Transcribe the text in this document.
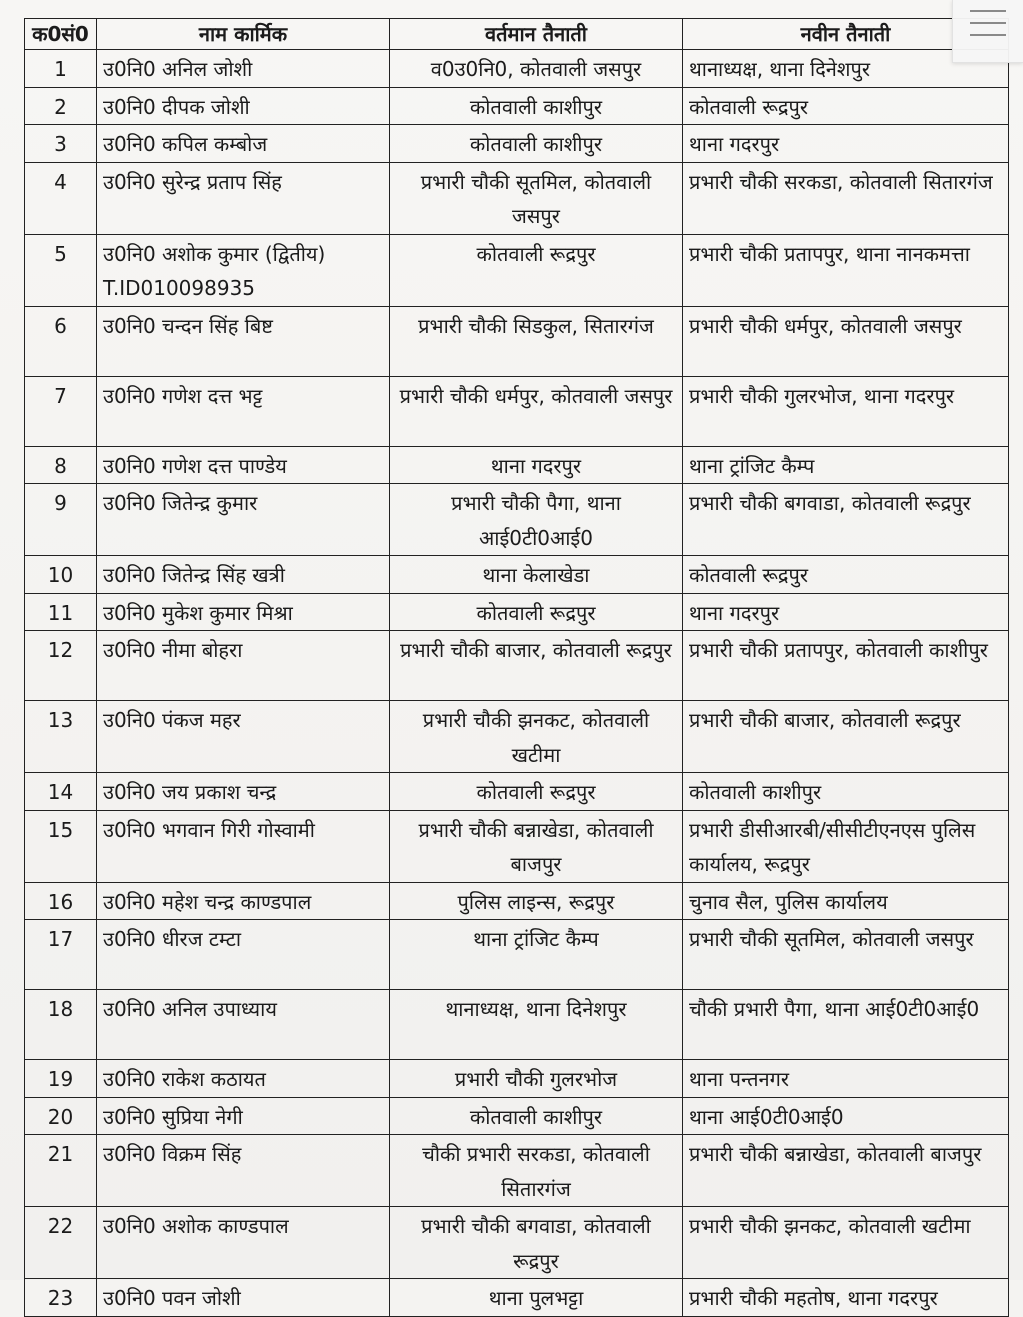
क0सं0	नाम कार्मिक	वर्तमान तैनाती	नवीन तैनाती
1	उ0नि0 अनिल जोशी	व0उ0नि0, कोतवाली जसपुर	थानाध्यक्ष, थाना दिनेशपुर
2	उ0नि0 दीपक जोशी	कोतवाली काशीपुर	कोतवाली रूद्रपुर
3	उ0नि0 कपिल कम्बोज	कोतवाली काशीपुर	थाना गदरपुर
4	उ0नि0 सुरेन्द्र प्रताप सिंह	प्रभारी चौकी सूतमिल, कोतवाली जसपुर	प्रभारी चौकी सरकडा, कोतवाली सितारगंज
5	उ0नि0 अशोक कुमार (द्वितीय) T.ID010098935	कोतवाली रूद्रपुर	प्रभारी चौकी प्रतापपुर, थाना नानकमत्ता
6	उ0नि0 चन्दन सिंह बिष्ट	प्रभारी चौकी सिडकुल, सितारगंज	प्रभारी चौकी धर्मपुर, कोतवाली जसपुर
7	उ0नि0 गणेश दत्त भट्ट	प्रभारी चौकी धर्मपुर, कोतवाली जसपुर	प्रभारी चौकी गुलरभोज, थाना गदरपुर
8	उ0नि0 गणेश दत्त पाण्डेय	थाना गदरपुर	थाना ट्रांजिट कैम्प
9	उ0नि0 जितेन्द्र कुमार	प्रभारी चौकी पैगा, थाना आई0टी0आई0	प्रभारी चौकी बगवाडा, कोतवाली रूद्रपुर
10	उ0नि0 जितेन्द्र सिंह खत्री	थाना केलाखेडा	कोतवाली रूद्रपुर
11	उ0नि0 मुकेश कुमार मिश्रा	कोतवाली रूद्रपुर	थाना गदरपुर
12	उ0नि0 नीमा बोहरा	प्रभारी चौकी बाजार, कोतवाली रूद्रपुर	प्रभारी चौकी प्रतापपुर, कोतवाली काशीपुर
13	उ0नि0 पंकज महर	प्रभारी चौकी झनकट, कोतवाली खटीमा	प्रभारी चौकी बाजार, कोतवाली रूद्रपुर
14	उ0नि0 जय प्रकाश चन्द्र	कोतवाली रूद्रपुर	कोतवाली काशीपुर
15	उ0नि0 भगवान गिरी गोस्वामी	प्रभारी चौकी बन्नाखेडा, कोतवाली बाजपुर	प्रभारी डीसीआरबी/सीसीटीएनएस पुलिस कार्यालय, रूद्रपुर
16	उ0नि0 महेश चन्द्र काण्डपाल	पुलिस लाइन्स, रूद्रपुर	चुनाव सैल, पुलिस कार्यालय
17	उ0नि0 धीरज टम्टा	थाना ट्रांजिट कैम्प	प्रभारी चौकी सूतमिल, कोतवाली जसपुर
18	उ0नि0 अनिल उपाध्याय	थानाध्यक्ष, थाना दिनेशपुर	चौकी प्रभारी पैगा, थाना आई0टी0आई0
19	उ0नि0 राकेश कठायत	प्रभारी चौकी गुलरभोज	थाना पन्तनगर
20	उ0नि0 सुप्रिया नेगी	कोतवाली काशीपुर	थाना आई0टी0आई0
21	उ0नि0 विक्रम सिंह	चौकी प्रभारी सरकडा, कोतवाली सितारगंज	प्रभारी चौकी बन्नाखेडा, कोतवाली बाजपुर
22	उ0नि0 अशोक काण्डपाल	प्रभारी चौकी बगवाडा, कोतवाली रूद्रपुर	प्रभारी चौकी झनकट, कोतवाली खटीमा
23	उ0नि0 पवन जोशी	थाना पुलभट्टा	प्रभारी चौकी महतोष, थाना गदरपुर
